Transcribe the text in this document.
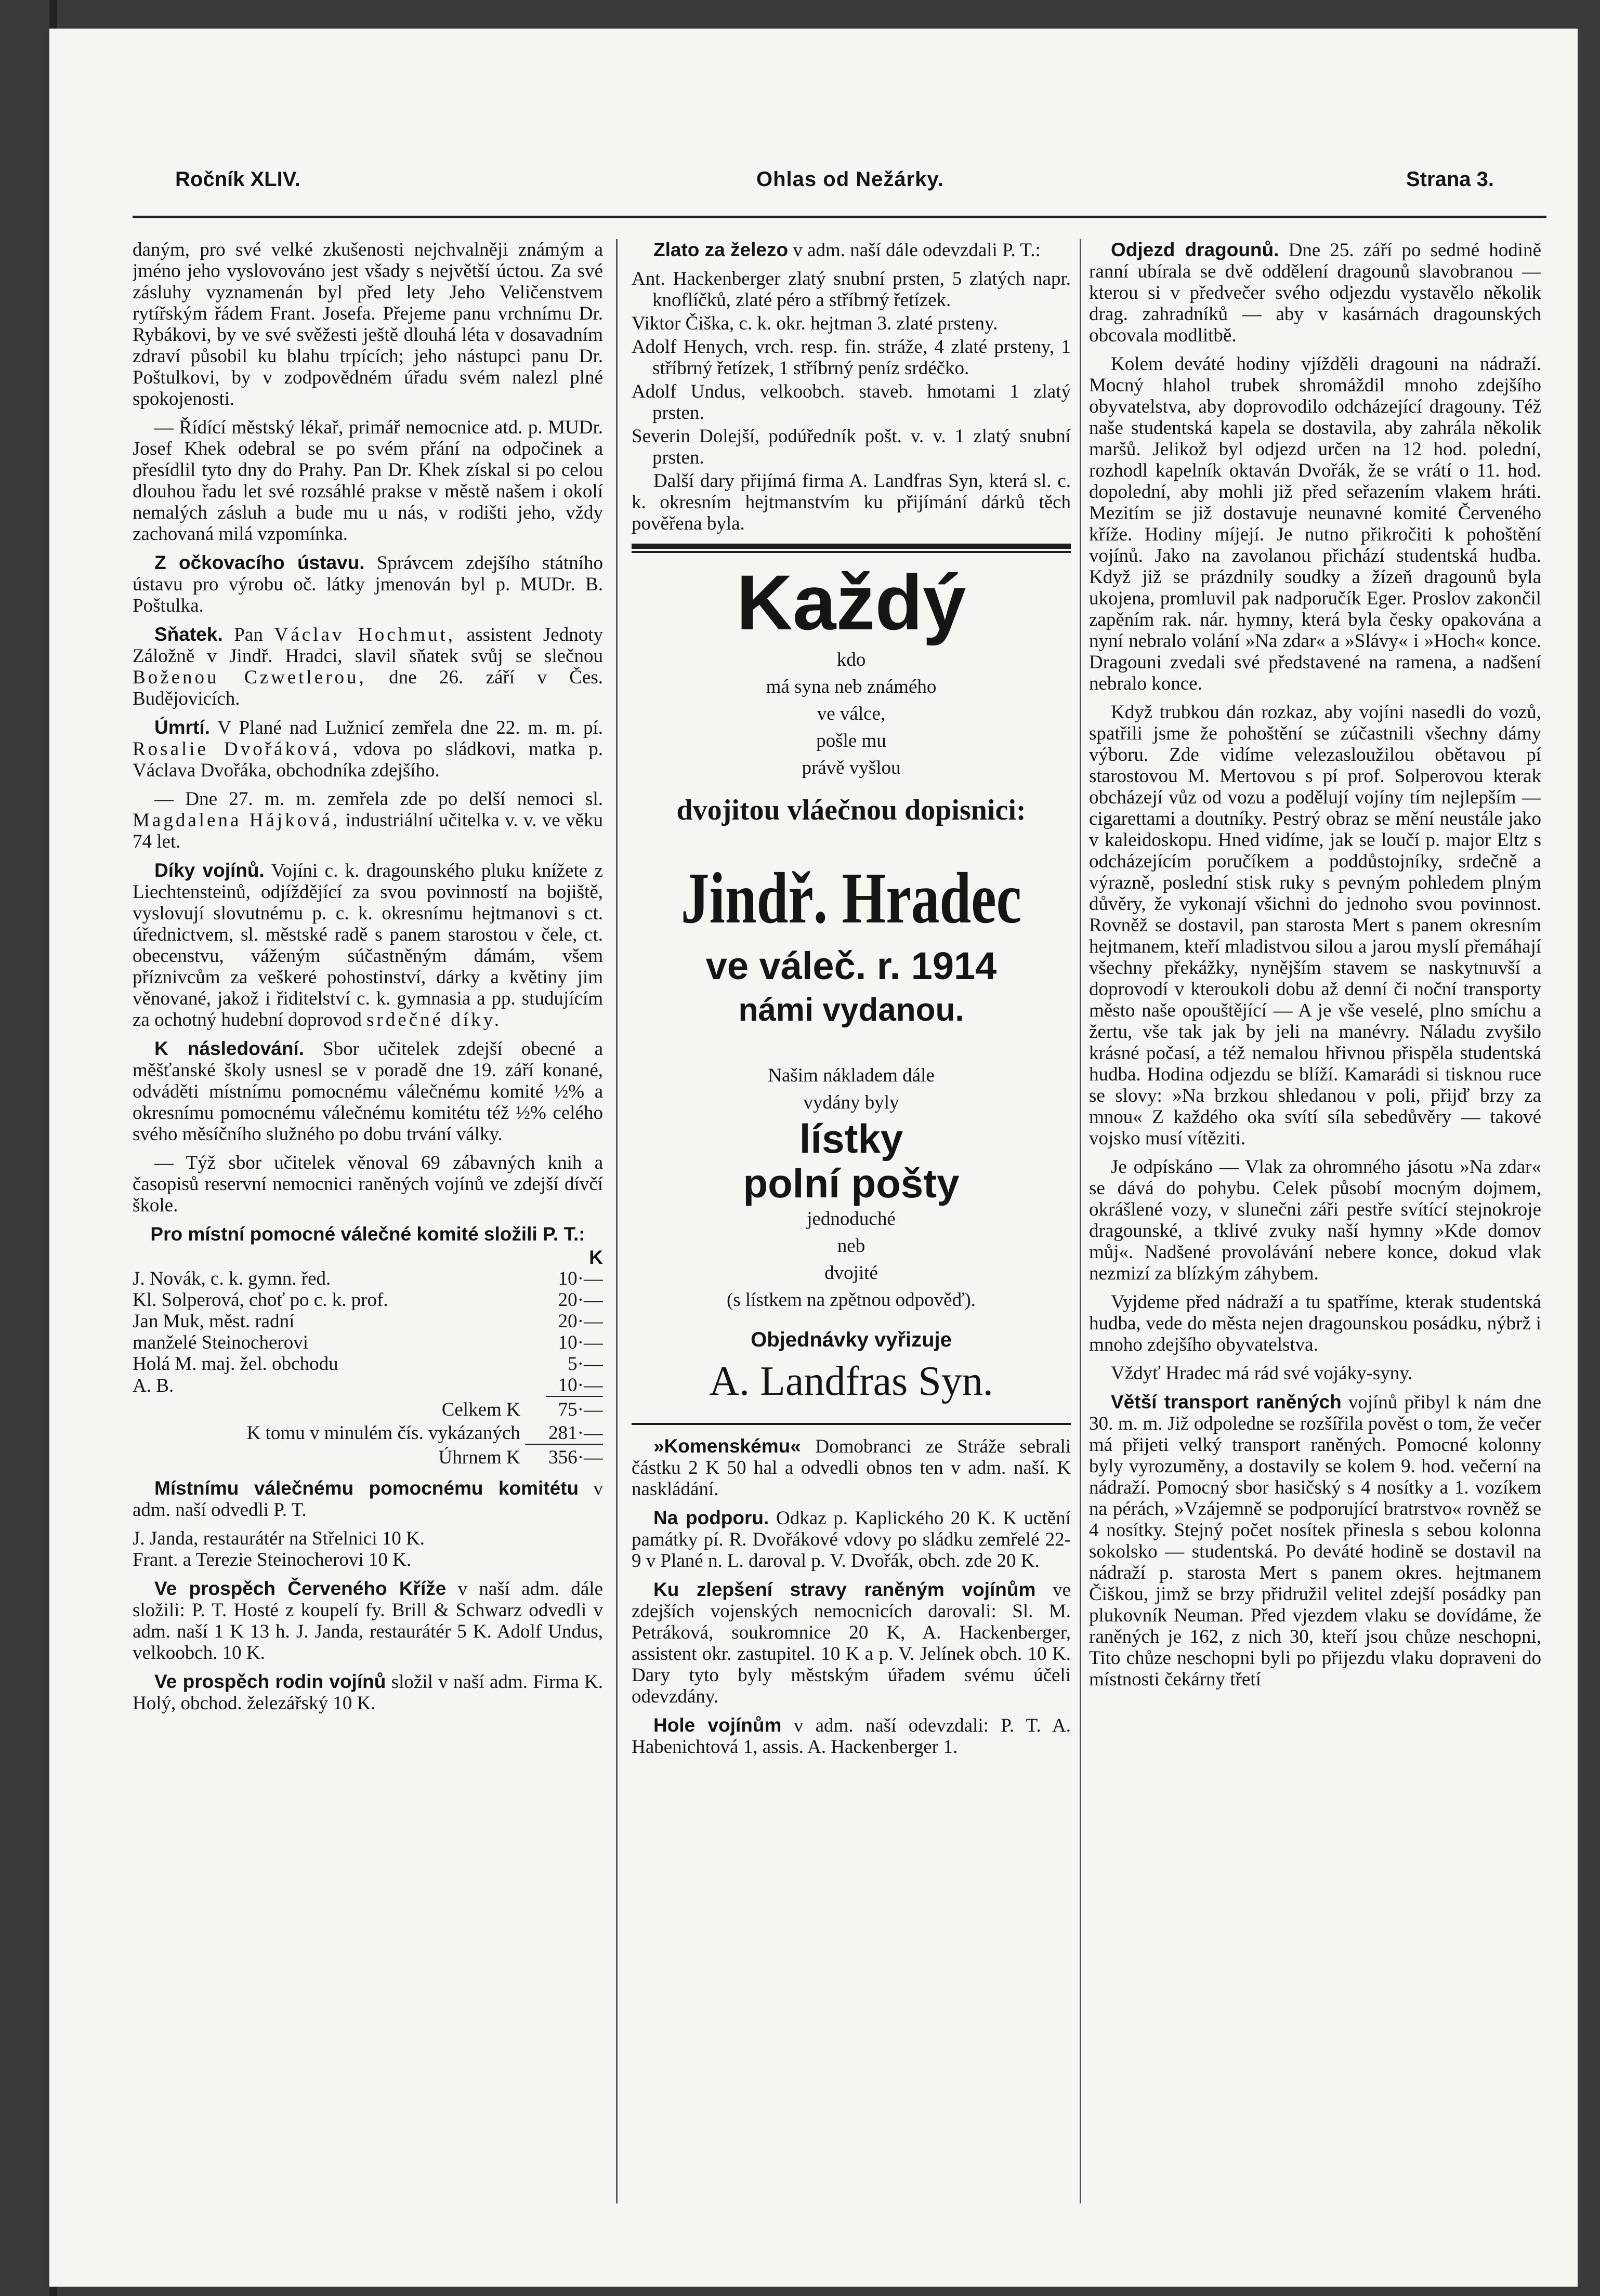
Ročník XLIV.	Ohlas od Nežárky.	Strana 3.

daným, pro své velké zkušenosti nejchvalněji známým a jméno jeho vyslovováno jest všady s největší úctou. Za své zásluhy vyznamenán byl před lety Jeho Veličenstvem rytířským řádem Frant. Josefa. Přejeme panu vrchnímu Dr. Rybákovi, by ve své svěžesti ještě dlouhá léta v dosavadním zdraví působil ku blahu trpících; jeho nástupci panu Dr. Poštulkovi, by v zodpovědném úřadu svém nalezl plné spokojenosti.

— Řídící městský lékař, primář nemocnice atd. p. MUDr. Josef Khek odebral se po svém přání na odpočinek a přesídlil tyto dny do Prahy. Pan Dr. Khek získal si po celou dlouhou řadu let své rozsáhlé prakse v městě našem i okolí nemalých zásluh a bude mu u nás, v rodišti jeho, vždy zachovaná milá vzpomínka.

Z očkovacího ústavu. Správcem zdejšího státního ústavu pro výrobu oč. látky jmenován byl p. MUDr. B. Poštulka.

Sňatek. Pan Václav Hochmut, assistent Jednoty Záložně v Jindř. Hradci, slavil sňatek svůj se slečnou Boženou Czwetlerou, dne 26. září v Čes. Budějovicích.

Úmrtí. V Plané nad Lužnicí zemřela dne 22. m. m. pí. Rosalie Dvořáková, vdova po sládkovi, matka p. Václava Dvořáka, obchodníka zdejšího.

— Dne 27. m. m. zemřela zde po delší nemoci sl. Magdalena Hájková, industriální učitelka v. v. ve věku 74 let.

Díky vojínů. Vojíni c. k. dragounského pluku knížete z Liechtensteinů, odjíždějící za svou povinností na bojiště, vyslovují slovutnému p. c. k. okresnímu hejtmanovi s ct. úřednictvem, sl. městské radě s panem starostou v čele, ct. obecenstvu, váženým súčastněným dámám, všem příznivcům za veškeré pohostinství, dárky a květiny jim věnované, jakož i řiditelství c. k. gymnasia a pp. studujícím za ochotný hudební doprovod srdečné díky.

K následování. Sbor učitelek zdejší obecné a měšťanské školy usnesl se v poradě dne 19. září konané, odváděti místnímu pomocnému válečnému komité ½% a okresnímu pomocnému válečnému komitétu též ½% celého svého měsíčního služného po dobu trvání války.

— Týž sbor učitelek věnoval 69 zábavných knih a časopisů reservní nemocnici raněných vojínů ve zdejší dívčí škole.

Pro místní pomocné válečné komité složili P. T.:
	K
J. Novák, c. k. gymn. řed.	10·—
Kl. Solperová, choť po c. k. prof.	20·—
Jan Muk, měst. radní	20·—
manželé Steinocherovi	10·—
Holá M. maj. žel. obchodu	5·—
A. B.	10·—

Celkem K 75·—

K tomu v minulém čís. vykázaných 281·—

Úhrnem K 356·—

Místnímu válečnému pomocnému komitétu v adm. naší odvedli P. T.

J. Janda, restaurátér na Střelnici 10 K.

Frant. a Terezie Steinocherovi 10 K.

Ve prospěch Červeného Kříže v naší adm. dále složili: P. T. Hosté z koupelí fy. Brill & Schwarz odvedli v adm. naší 1 K 13 h. J. Janda, restaurátér 5 K. Adolf Undus, velkoobch. 10 K.

Ve prospěch rodin vojínů složil v naší adm. Firma K. Holý, obchod. železářský 10 K.

Zlato za železo v adm. naší dále odevzdali P. T.:

Ant. Hackenberger zlatý snubní prsten, 5 zlatých napr. knoflíčků, zlaté péro a stříbrný řetízek.

Viktor Čiška, c. k. okr. hejtman 3. zlaté prsteny.

Adolf Henych, vrch. resp. fin. stráže, 4 zlaté prsteny, 1 stříbrný řetízek, 1 stříbrný peníz srdéčko.

Adolf Undus, velkoobch. staveb. hmotami 1 zlatý prsten.

Severin Dolejší, podúředník pošt. v. v. 1 zlatý snubní prsten.

Další dary přijímá firma A. Landfras Syn, která sl. c. k. okresním hejtmanstvím ku přijímání dárků těch pověřena byla.

Každý
kdo
má syna neb známého
ve válce,
pošle mu
právě vyšlou
dvojitou vláečnou dopisnici:
Jindř. Hradec
ve váleč. r. 1914
námi vydanou.
Našim nákladem dále
vydány byly
lístky
polní pošty
jednoduché
neb
dvojité
(s lístkem na zpětnou odpověď).
Objednávky vyřizuje
A. Landfras Syn.

»Komenskému« Domobranci ze Stráže sebrali částku 2 K 50 hal a odvedli obnos ten v adm. naší. K naskládání.

Na podporu. Odkaz p. Kaplického 20 K. K uctění památky pí. R. Dvořákové vdovy po sládku zemřelé 22-9 v Plané n. L. daroval p. V. Dvořák, obch. zde 20 K.

Ku zlepšení stravy raněným vojínům ve zdejších vojenských nemocnicích darovali: Sl. M. Petráková, soukromnice 20 K, A. Hackenberger, assistent okr. zastupitel. 10 K a p. V. Jelínek obch. 10 K. Dary tyto byly městským úřadem svému účeli odevzdány.

Hole vojínům v adm. naší odevzdali: P. T. A. Habenichtová 1, assis. A. Hackenberger 1.

Odjezd dragounů. Dne 25. září po sedmé hodině ranní ubírala se dvě oddělení dragounů slavobranou — kterou si v předvečer svého odjezdu vystavělo několik drag. zahradníků — aby v kasárnách dragounských obcovala modlitbě.

Kolem deváté hodiny vjížděli dragouni na nádraží. Mocný hlahol trubek shromáždil mnoho zdejšího obyvatelstva, aby doprovodilo odcházející dragouny. Též naše studentská kapela se dostavila, aby zahrála několik maršů. Jelikož byl odjezd určen na 12 hod. polední, rozhodl kapelník oktaván Dvořák, že se vrátí o 11. hod. dopolední, aby mohli již před seřazením vlakem hráti. Mezitím se již dostavuje neunavné komité Červeného kříže. Hodiny míjejí. Je nutno přikročiti k pohoštění vojínů. Jako na zavolanou přichází studentská hudba. Když již se prázdnily soudky a žízeň dragounů byla ukojena, promluvil pak nadporučík Eger. Proslov zakončil zapěním rak. nár. hymny, která byla česky opakována a nyní nebralo volání »Na zdar« a »Slávy« i »Hoch« konce. Dragouni zvedali své představené na ramena, a nadšení nebralo konce.

Když trubkou dán rozkaz, aby vojíni nasedli do vozů, spatřili jsme že pohoštění se zúčastnili všechny dámy výboru. Zde vidíme velezasloužilou obětavou pí starostovou M. Mertovou s pí prof. Solperovou kterak obcházejí vůz od vozu a podělují vojíny tím nejlepším — cigarettami a doutníky. Pestrý obraz se mění neustále jako v kaleidoskopu. Hned vidíme, jak se loučí p. major Eltz s odcházejícím poručíkem a poddůstojníky, srdečně a výrazně, poslední stisk ruky s pevným pohledem plným důvěry, že vykonají všichni do jednoho svou povinnost. Rovněž se dostavil, pan starosta Mert s panem okresním hejtmanem, kteří mladistvou silou a jarou myslí přemáhají všechny překážky, nynějším stavem se naskytnuvší a doprovodí v kteroukoli dobu až denní či noční transporty město naše opouštějící — A je vše veselé, plno smíchu a žertu, vše tak jak by jeli na manévry. Náladu zvyšilo krásné počasí, a též nemalou hřivnou přispěla studentská hudba. Hodina odjezdu se blíží. Kamarádi si tisknou ruce se slovy: »Na brzkou shledanou v poli, přijď brzy za mnou« Z každého oka svítí síla sebedůvěry — takové vojsko musí vítěziti.

Je odpískáno — Vlak za ohromného jásotu »Na zdar« se dává do pohybu. Celek působí mocným dojmem, okrášlené vozy, v slunečni záři pestře svítící stejnokroje dragounské, a tklivé zvuky naší hymny »Kde domov můj«. Nadšené provolávání nebere konce, dokud vlak nezmizí za blízkým záhybem.

Vyjdeme před nádraží a tu spatříme, kterak studentská hudba, vede do města nejen dragounskou posádku, nýbrž i mnoho zdejšího obyvatelstva.

Vždyť Hradec má rád své vojáky-syny.

Větší transport raněných vojínů přibyl k nám dne 30. m. m. Již odpoledne se rozšířila pověst o tom, že večer má přijeti velký transport raněných. Pomocné kolonny byly vyrozuměny, a dostavily se kolem 9. hod. večerní na nádraží. Pomocný sbor hasičský s 4 nosítky a 1. vozíkem na pérách, »Vzájemně se podporující bratrstvo« rovněž se 4 nosítky. Stejný počet nosítek přinesla s sebou kolonna sokolsko — studentská. Po deváté hodině se dostavil na nádraží p. starosta Mert s panem okres. hejtmanem Čiškou, jimž se brzy přidružil velitel zdejší posádky pan plukovník Neuman. Před vjezdem vlaku se dovídáme, že raněných je 162, z nich 30, kteří jsou chůze neschopni, Tito chůze neschopni byli po přijezdu vlaku dopraveni do místnosti čekárny třetí
